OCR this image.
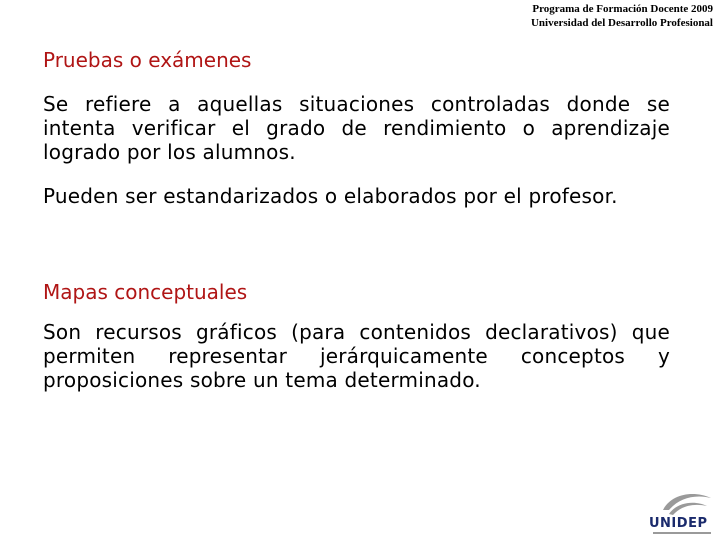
Programa de Formación Docente 2009
Universidad del Desarrollo Profesional
Pruebas o exámenes

Se refiere a aquellas situaciones controladas donde se intenta verificar el grado de rendimiento o aprendizaje logrado por los alumnos.

Pueden ser estandarizados o elaborados por el profesor.

Mapas conceptuales

Son recursos gráficos (para contenidos declarativos) que permiten representar jerárquicamente conceptos y proposiciones sobre un tema determinado.

UNIDEP
